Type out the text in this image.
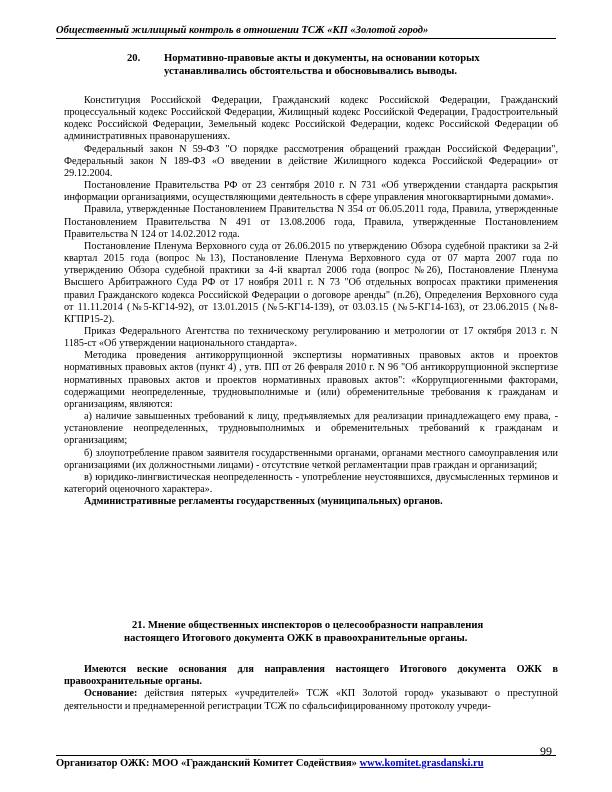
Общественный жилищный контроль в отношении ТСЖ «КП «Золотой город»
20. Нормативно-правовые акты и документы, на основании которых
устанавливались обстоятельства и обосновывались выводы.

Конституция Российской Федерации, Гражданский кодекс Российской Федерации, Гражданский процессуальный кодекс Российской Федерации, Жилищный кодекс Российской Федерации, Градостроительный кодекс Российской Федерации, Земельный кодекс Российской Федерации, кодекс Российской Федерации об административных правонарушениях.

Федеральный закон N 59-ФЗ "О порядке рассмотрения обращений граждан Российской Федерации", Федеральный закон N 189-ФЗ «О введении в действие Жилищного кодекса Российской Федерации» от 29.12.2004.

Постановление Правительства РФ от 23 сентября 2010 г. N 731 «Об утверждении стандарта раскрытия информации организациями, осуществляющими деятельность в сфере управления многоквартирными домами».

Правила, утвержденные Постановлением Правительства N 354 от 06.05.2011 года, Правила, утвержденные Постановлением Правительства N 491 от 13.08.2006 года, Правила, утвержденные Постановлением Правительства N 124 от 14.02.2012 года.

Постановление Пленума Верховного суда от 26.06.2015 по утверждению Обзора судебной практики за 2-й квартал 2015 года (вопрос №13), Постановление Пленума Верховного суда от 07 марта 2007 года по утверждению Обзора судебной практики за 4-й квартал 2006 года (вопрос №26), Постановление Пленума Высшего Арбитражного Суда РФ от 17 ноября 2011 г. N 73 "Об отдельных вопросах практики применения правил Гражданского кодекса Российской Федерации о договоре аренды" (п.26), Определения Верховного суда от 11.11.2014 (№5-КГ14-92), от 13.01.2015 (№5-КГ14-139), от 03.03.15 (№5-КГ14-163), от 23.06.2015 (№8-КГПР15-2).

Приказ Федерального Агентства по техническому регулированию и метрологии от 17 октября 2013 г. N 1185-ст «Об утверждении национального стандарта».

Методика проведения антикоррупционной экспертизы нормативных правовых актов и проектов нормативных правовых актов (пункт 4) , утв. ПП от 26 февраля 2010 г. N 96 "Об антикоррупционной экспертизе нормативных правовых актов и проектов нормативных правовых актов": «Коррупциогенными факторами, содержащими неопределенные, трудновыполнимые и (или) обременительные требования к гражданам и организациям, являются:

а) наличие завышенных требований к лицу, предъявляемых для реализации принадлежащего ему права, - установление неопределенных, трудновыполнимых и обременительных требований к гражданам и организациям;

б) злоупотребление правом заявителя государственными органами, органами местного самоуправления или организациями (их должностными лицами) - отсутствие четкой регламентации прав граждан и организаций;

в) юридико-лингвистическая неопределенность - употребление неустоявшихся, двусмысленных терминов и категорий оценочного характера».

Административные регламенты государственных (муниципальных) органов.

21. Мнение общественных инспекторов о целесообразности направления
настоящего Итогового документа ОЖК в правоохранительные органы.

Имеются веские основания для направления настоящего Итогового документа ОЖК в правоохранительные органы.

Основание: действия пятерых «учредителей» ТСЖ «КП Золотой город» указывают о преступной деятельности и преднамеренной регистрации ТСЖ по сфальсифицированному протоколу учреди-

99
Организатор ОЖК: МОО «Гражданский Комитет Содействия» www.komitet.grasdanski.ru
